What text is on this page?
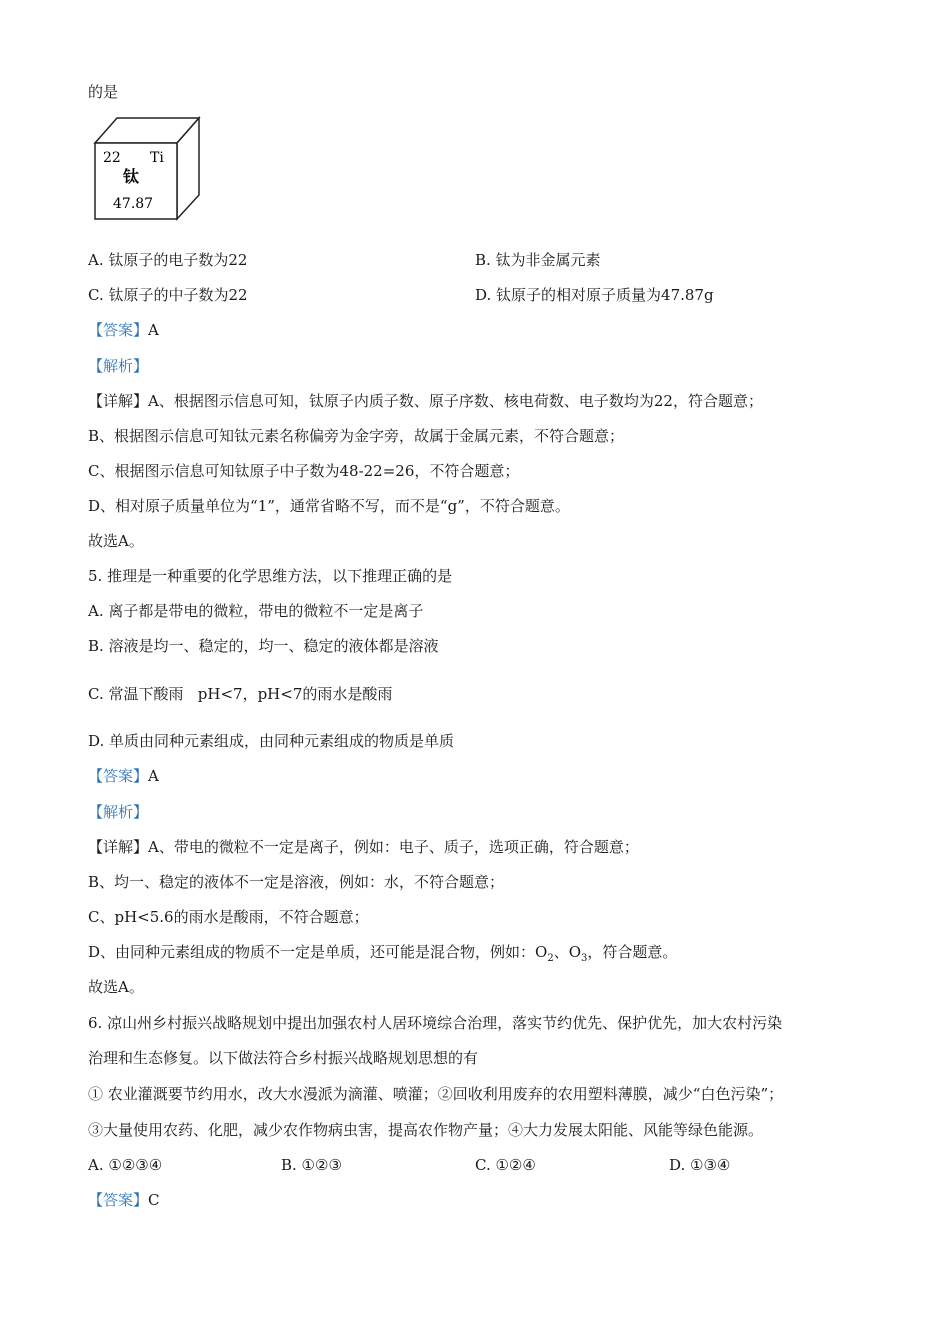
的是
22 Ti
钛
47.87
A. 钛原子的电子数为22	B. 钛为非金属元素
C. 钛原子的中子数为22	D. 钛原子的相对原子质量为47.87g
【答案】A
【解析】
【详解】A、根据图示信息可知，钛原子内质子数、原子序数、核电荷数、电子数均为22，符合题意；
B、根据图示信息可知钛元素名称偏旁为金字旁，故属于金属元素，不符合题意；
C、根据图示信息可知钛原子中子数为48-22=26，不符合题意；
D、相对原子质量单位为“1”，通常省略不写，而不是“g”，不符合题意。
故选A。
5. 推理是一种重要的化学思维方法，以下推理正确的是
A. 离子都是带电的微粒，带电的微粒不一定是离子
B. 溶液是均一、稳定的，均一、稳定的液体都是溶液
C. 常温下酸雨   pH<7，pH<7的雨水是酸雨
D. 单质由同种元素组成，由同种元素组成的物质是单质
【答案】A
【解析】
【详解】A、带电的微粒不一定是离子，例如：电子、质子，选项正确，符合题意；
B、均一、稳定的液体不一定是溶液，例如：水，不符合题意；
C、pH<5.6的雨水是酸雨，不符合题意；
D、由同种元素组成的物质不一定是单质，还可能是混合物，例如：$O_2$、$O_3$，符合题意。
故选A。
6. 凉山州乡村振兴战略规划中提出加强农村人居环境综合治理，落实节约优先、保护优先，加大农村污染
治理和生态修复。以下做法符合乡村振兴战略规划思想的有
① 农业灌溉要节约用水，改大水漫派为滴灌、喷灌；②回收利用废弃的农用塑料薄膜，减少“白色污染”；
③大量使用农药、化肥，减少农作物病虫害，提高农作物产量；④大力发展太阳能、风能等绿色能源。
A. ①②③④	B. ①②③	C. ①②④	D. ①③④
【答案】C
